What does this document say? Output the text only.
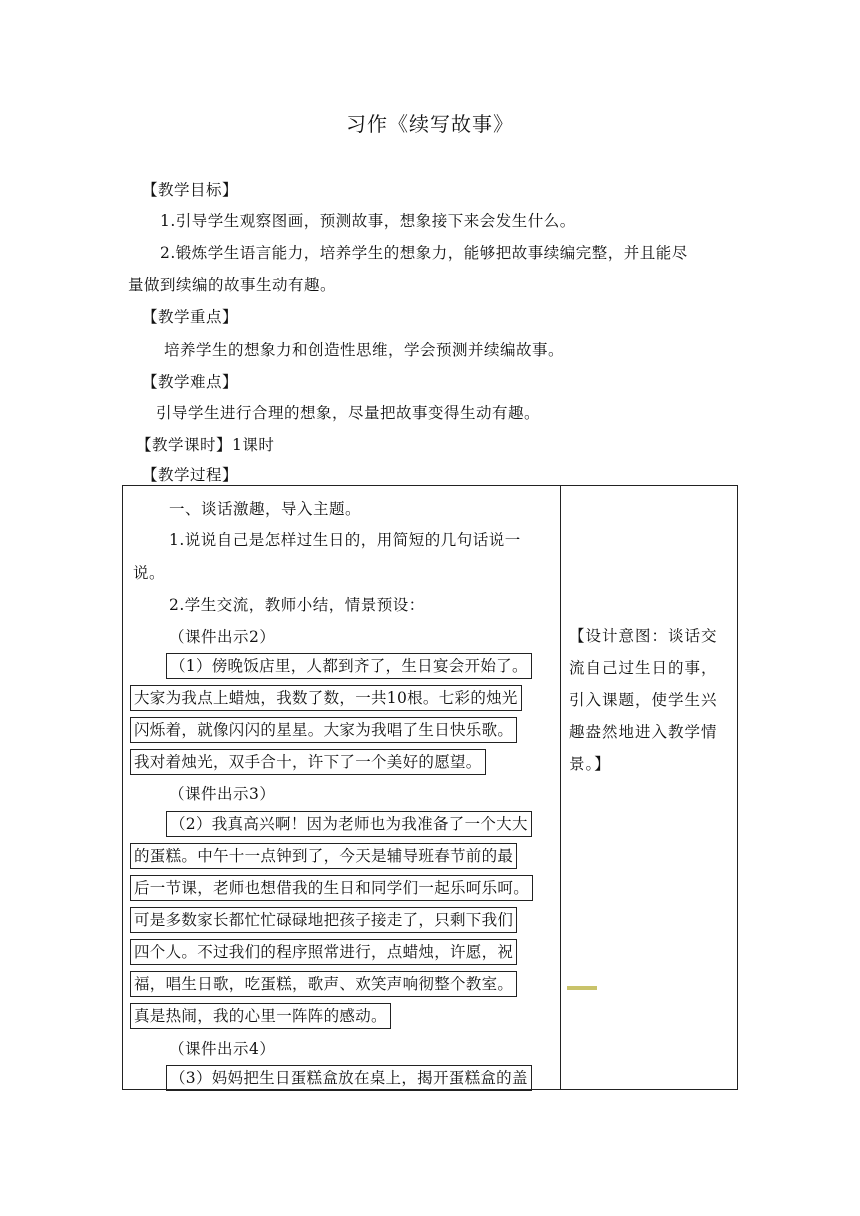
习作《续写故事》
【教学目标】
1.引导学生观察图画，预测故事，想象接下来会发生什么。
2.锻炼学生语言能力，培养学生的想象力，能够把故事续编完整，并且能尽
量做到续编的故事生动有趣。
【教学重点】
培养学生的想象力和创造性思维，学会预测并续编故事。
【教学难点】
引导学生进行合理的想象，尽量把故事变得生动有趣。
【教学课时】1课时
【教学过程】
一、谈话激趣，导入主题。
1.说说自己是怎样过生日的，用简短的几句话说一
说。
2.学生交流，教师小结，情景预设：
（课件出示2）
（1）傍晚饭店里，人都到齐了，生日宴会开始了。
大家为我点上蜡烛，我数了数，一共10根。七彩的烛光
闪烁着，就像闪闪的星星。大家为我唱了生日快乐歌。
我对着烛光，双手合十，许下了一个美好的愿望。
（课件出示3）
（2）我真高兴啊！因为老师也为我准备了一个大大
的蛋糕。中午十一点钟到了，今天是辅导班春节前的最
后一节课，老师也想借我的生日和同学们一起乐呵乐呵。
可是多数家长都忙忙碌碌地把孩子接走了，只剩下我们
四个人。不过我们的程序照常进行，点蜡烛，许愿，祝
福，唱生日歌，吃蛋糕，歌声、欢笑声响彻整个教室。
真是热闹，我的心里一阵阵的感动。
（课件出示4）
（3）妈妈把生日蛋糕盒放在桌上，揭开蛋糕盒的盖
【设计意图：谈话交
流自己过生日的事，
引入课题，使学生兴
趣盎然地进入教学情
景。】
